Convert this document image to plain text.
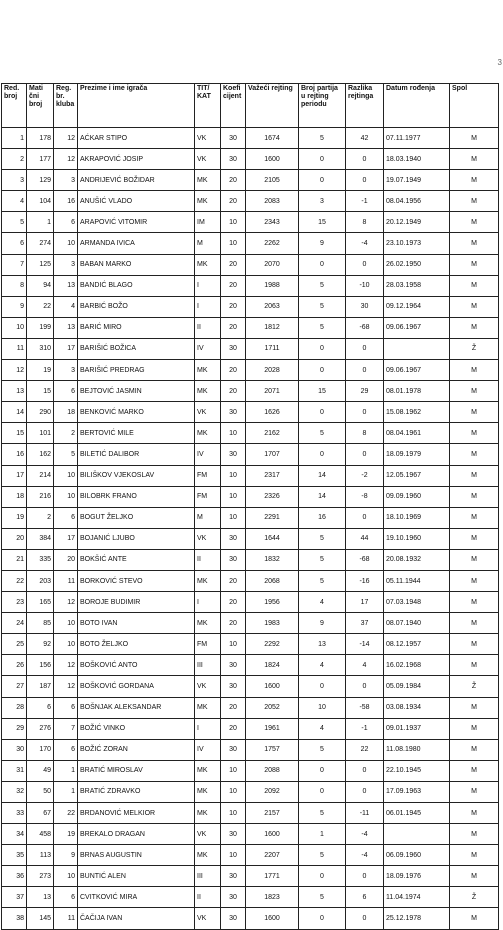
3
Red. broj	Mati čni broj	Reg. br. kluba	Prezime i ime igrača	TIT/ KAT	Koefi cijent	Važeći rejting	Broj partija u rejting periodu	Razlika rejtinga	Datum rođenja	Spol
1	178	12	AĆKAR STIPO	VK	30	1674	5	42	07.11.1977	M
2	177	12	AKRAPOVIĆ JOSIP	VK	30	1600	0	0	18.03.1940	M
3	129	3	ANDRIJEVIĆ BOŽIDAR	MK	20	2105	0	0	19.07.1949	M
4	104	16	ANUŠIĆ VLADO	MK	20	2083	3	-1	08.04.1956	M
5	1	6	ARAPOVIĆ VITOMIR	IM	10	2343	15	8	20.12.1949	M
6	274	10	ARMANDA IVICA	M	10	2262	9	-4	23.10.1973	M
7	125	3	BABAN MARKO	MK	20	2070	0	0	26.02.1950	M
8	94	13	BANDIĆ BLAGO	I	20	1988	5	-10	28.03.1958	M
9	22	4	BARBIĆ BOŽO	I	20	2063	5	30	09.12.1964	M
10	199	13	BARIĆ MIRO	II	20	1812	5	-68	09.06.1967	M
11	310	17	BARIŠIĆ BOŽICA	IV	30	1711	0	0		Ž
12	19	3	BARIŠIĆ PREDRAG	MK	20	2028	0	0	09.06.1967	M
13	15	6	BEJTOVIĆ JASMIN	MK	20	2071	15	29	08.01.1978	M
14	290	18	BENKOVIĆ MARKO	VK	30	1626	0	0	15.08.1962	M
15	101	2	BERTOVIĆ MILE	MK	10	2162	5	8	08.04.1961	M
16	162	5	BILETIĆ DALIBOR	IV	30	1707	0	0	18.09.1979	M
17	214	10	BILIŠKOV VJEKOSLAV	FM	10	2317	14	-2	12.05.1967	M
18	216	10	BILOBRK FRANO	FM	10	2326	14	-8	09.09.1960	M
19	2	6	BOGUT ŽELJKO	M	10	2291	16	0	18.10.1969	M
20	384	17	BOJANIĆ LJUBO	VK	30	1644	5	44	19.10.1960	M
21	335	20	BOKŠIĆ ANTE	II	30	1832	5	-68	20.08.1932	M
22	203	11	BORKOVIĆ STEVO	MK	20	2068	5	-16	05.11.1944	M
23	165	12	BOROJE BUDIMIR	I	20	1956	4	17	07.03.1948	M
24	85	10	BOTO IVAN	MK	20	1983	9	37	08.07.1940	M
25	92	10	BOTO ŽELJKO	FM	10	2292	13	-14	08.12.1957	M
26	156	12	BOŠKOVIĆ ANTO	III	30	1824	4	4	16.02.1968	M
27	187	12	BOŠKOVIĆ GORDANA	VK	30	1600	0	0	05.09.1984	Ž
28	6	6	BOŠNJAK ALEKSANDAR	MK	20	2052	10	-58	03.08.1934	M
29	276	7	BOŽIĆ VINKO	I	20	1961	4	-1	09.01.1937	M
30	170	6	BOŽIĆ ZORAN	IV	30	1757	5	22	11.08.1980	M
31	49	1	BRATIĆ MIROSLAV	MK	10	2088	0	0	22.10.1945	M
32	50	1	BRATIĆ ZDRAVKO	MK	10	2092	0	0	17.09.1963	M
33	67	22	BRDANOVIĆ MELKIOR	MK	10	2157	5	-11	06.01.1945	M
34	458	19	BREKALO DRAGAN	VK	30	1600	1	-4		M
35	113	9	BRNAS AUGUSTIN	MK	10	2207	5	-4	06.09.1960	M
36	273	10	BUNTIĆ ALEN	III	30	1771	0	0	18.09.1976	M
37	13	6	CVITKOVIĆ MIRA	II	30	1823	5	6	11.04.1974	Ž
38	145	11	ČAČIJA IVAN	VK	30	1600	0	0	25.12.1978	M
